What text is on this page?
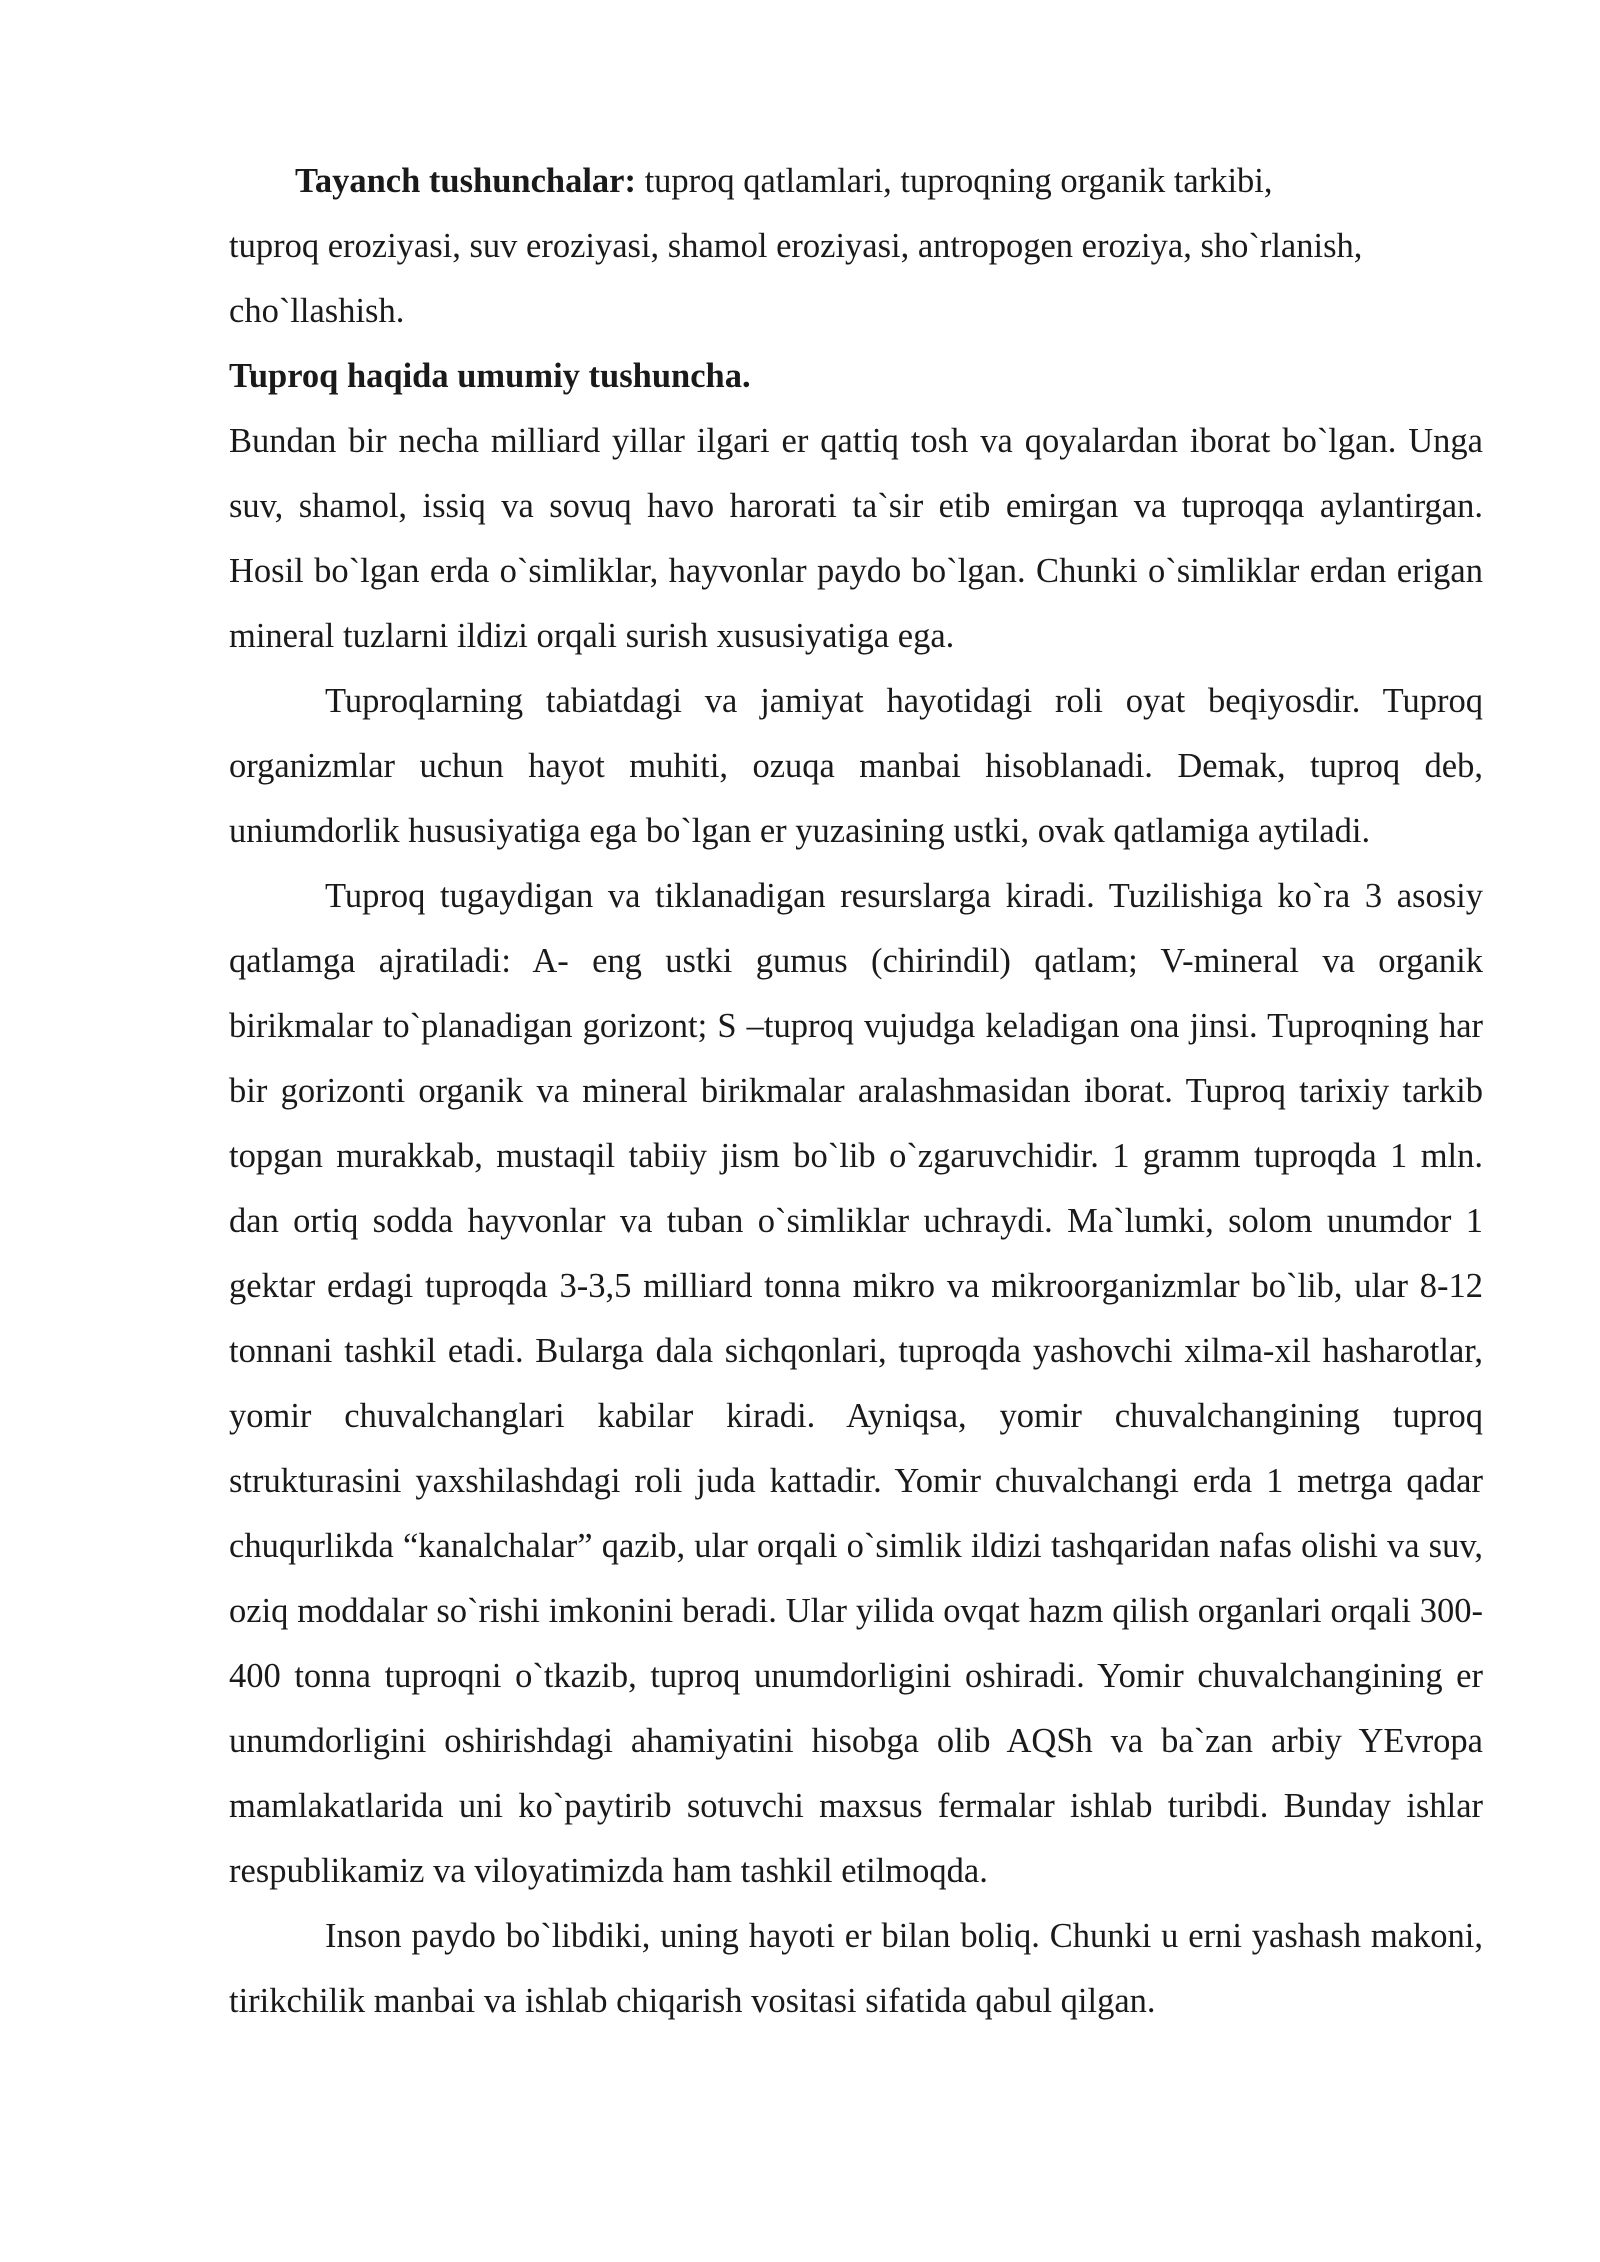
Tayanch tushunchalar: tuproq qatlamlari, tuproqning organik tarkibi, tuproq eroziyasi, suv eroziyasi, shamol eroziyasi, antropogen eroziya, sho`rlanish, cho`llashish.

Tuproq haqida umumiy tushuncha.

Bundan bir necha milliard yillar ilgari er qattiq tosh va qoyalardan iborat bo`lgan. Unga suv, shamol, issiq va sovuq havo harorati ta`sir etib emirgan va tuproqqa aylantirgan. Hosil bo`lgan erda o`simliklar, hayvonlar paydo bo`lgan. Chunki o`simliklar erdan erigan mineral tuzlarni ildizi orqali surish xususiyatiga ega.

Tuproqlarning tabiatdagi va jamiyat hayotidagi roli oyat beqiyosdir. Tuproq organizmlar uchun hayot muhiti, ozuqa manbai hisoblanadi. Demak, tuproq deb, uniumdorlik hususiyatiga ega bo`lgan er yuzasining ustki, ovak qatlamiga aytiladi.

Tuproq tugaydigan va tiklanadigan resurslarga kiradi. Tuzilishiga ko`ra 3 asosiy qatlamga ajratiladi: A- eng ustki gumus (chirindil) qatlam; V-mineral va organik birikmalar to`planadigan gorizont; S –tuproq vujudga keladigan ona jinsi. Tuproqning har bir gorizonti organik va mineral birikmalar aralashmasidan iborat. Tuproq tarixiy tarkib topgan murakkab, mustaqil tabiiy jism bo`lib o`zgaruvchidir. 1 gramm tuproqda 1 mln. dan ortiq sodda hayvonlar va tuban o`simliklar uchraydi. Ma`lumki, solom unumdor 1 gektar erdagi tuproqda 3-3,5 milliard tonna mikro va mikroorganizmlar bo`lib, ular 8-12 tonnani tashkil etadi. Bularga dala sichqonlari, tuproqda yashovchi xilma-xil hasharotlar, yomir chuvalchanglari kabilar kiradi. Ayniqsa, yomir chuvalchangining tuproq strukturasini yaxshilashdagi roli juda kattadir. Yomir chuvalchangi erda 1 metrga qadar chuqurlikda “kanalchalar” qazib, ular orqali o`simlik ildizi tashqaridan nafas olishi va suv, oziq moddalar so`rishi imkonini beradi. Ular yilida ovqat hazm qilish organlari orqali 300-400 tonna tuproqni o`tkazib, tuproq unumdorligini oshiradi. Yomir chuvalchangining er unumdorligini oshirishdagi ahamiyatini hisobga olib AQSh va ba`zan arbiy YEvropa mamlakatlarida uni ko`paytirib sotuvchi maxsus fermalar ishlab turibdi. Bunday ishlar respublikamiz va viloyatimizda ham tashkil etilmoqda.

Inson paydo bo`libdiki, uning hayoti er bilan boliq. Chunki u erni yashash makoni, tirikchilik manbai va ishlab chiqarish vositasi sifatida qabul qilgan.
